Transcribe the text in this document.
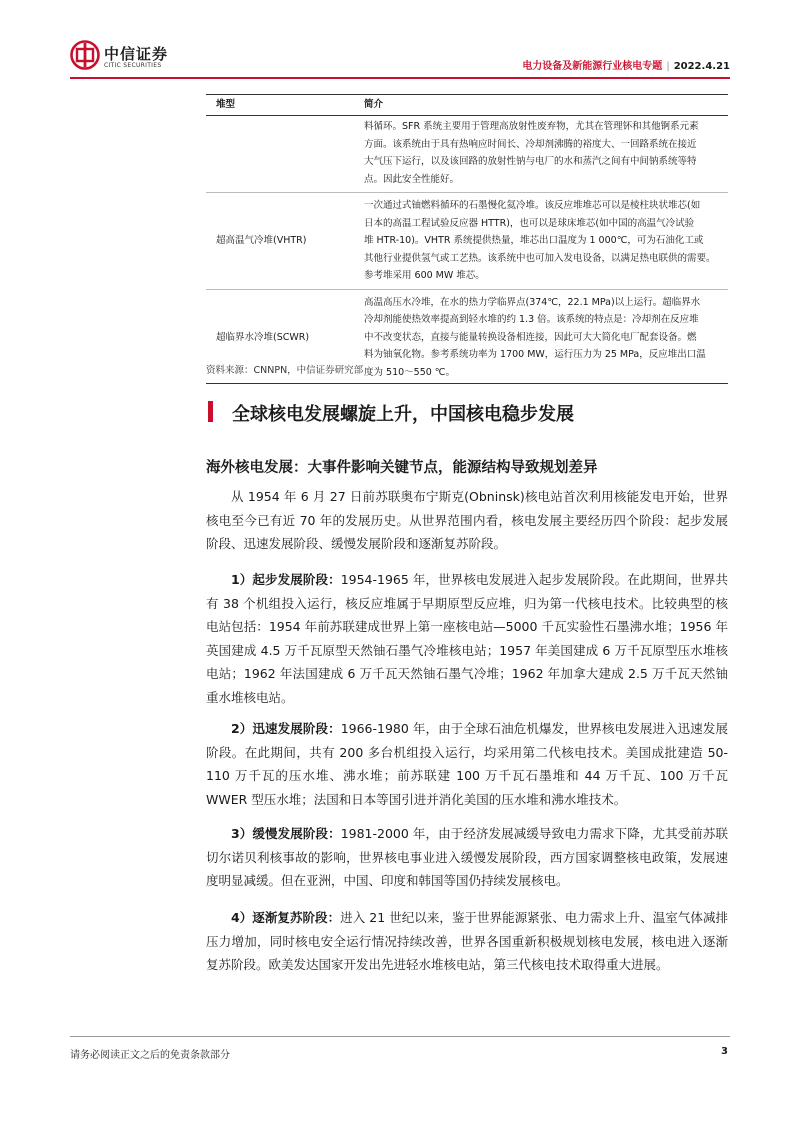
中信证券
CITIC SECURITIES	电力设备及新能源行业核电专题 | 2022.4.21
堆型	简介

	料循环。SFR 系统主要用于管理高放射性废弃物，尤其在管理钚和其他锕系元素
方面。该系统由于具有热响应时间长、冷却剂沸腾的裕度大、一回路系统在接近
大气压下运行，以及该回路的放射性钠与电厂的水和蒸汽之间有中间钠系统等特
点。因此安全性能好。

超高温气冷堆(VHTR)	一次通过式铀燃料循环的石墨慢化氦冷堆。该反应堆堆芯可以是棱柱块状堆芯(如
日本的高温工程试验反应器 HTTR)，也可以是球床堆芯(如中国的高温气冷试验
堆 HTR-10)。VHTR 系统提供热量，堆芯出口温度为 1 000℃，可为石油化工或
其他行业提供氢气或工艺热。该系统中也可加入发电设备，以满足热电联供的需要。
参考堆采用 600 MW 堆芯。

超临界水冷堆(SCWR)	高温高压水冷堆，在水的热力学临界点(374℃，22.1 MPa)以上运行。超临界水
冷却剂能使热效率提高到轻水堆的约 1.3 倍。该系统的特点是：冷却剂在反应堆
中不改变状态，直接与能量转换设备相连接，因此可大大简化电厂配套设备。燃
料为铀氧化物。参考系统功率为 1700 MW，运行压力为 25 MPa，反应堆出口温
度为 510～550 ℃。
资料来源：CNNPN，中信证券研究部
全球核电发展螺旋上升，中国核电稳步发展
海外核电发展：大事件影响关键节点，能源结构导致规划差异

从 1954 年 6 月 27 日前苏联奥布宁斯克(Obninsk)核电站首次利用核能发电开始，世界核电至今已有近 70 年的发展历史。从世界范围内看，核电发展主要经历四个阶段：起步发展阶段、迅速发展阶段、缓慢发展阶段和逐渐复苏阶段。

1）起步发展阶段：1954-1965 年，世界核电发展进入起步发展阶段。在此期间，世界共有 38 个机组投入运行，核反应堆属于早期原型反应堆，归为第一代核电技术。比较典型的核电站包括：1954 年前苏联建成世界上第一座核电站—5000 千瓦实验性石墨沸水堆；1956 年英国建成 4.5 万千瓦原型天然铀石墨气冷堆核电站；1957 年美国建成 6 万千瓦原型压水堆核电站；1962 年法国建成 6 万千瓦天然铀石墨气冷堆；1962 年加拿大建成 2.5 万千瓦天然铀重水堆核电站。

2）迅速发展阶段：1966-1980 年，由于全球石油危机爆发，世界核电发展进入迅速发展阶段。在此期间，共有 200 多台机组投入运行，均采用第二代核电技术。美国成批建造 50-110 万千瓦的压水堆、沸水堆；前苏联建 100 万千瓦石墨堆和 44 万千瓦、100 万千瓦 WWER 型压水堆；法国和日本等国引进并消化美国的压水堆和沸水堆技术。

3）缓慢发展阶段：1981-2000 年，由于经济发展减缓导致电力需求下降，尤其受前苏联切尔诺贝利核事故的影响，世界核电事业进入缓慢发展阶段，西方国家调整核电政策，发展速度明显减缓。但在亚洲，中国、印度和韩国等国仍持续发展核电。

4）逐渐复苏阶段：进入 21 世纪以来，鉴于世界能源紧张、电力需求上升、温室气体减排压力增加，同时核电安全运行情况持续改善，世界各国重新积极规划核电发展，核电进入逐渐复苏阶段。欧美发达国家开发出先进轻水堆核电站，第三代核电技术取得重大进展。

请务必阅读正文之后的免责条款部分	3
